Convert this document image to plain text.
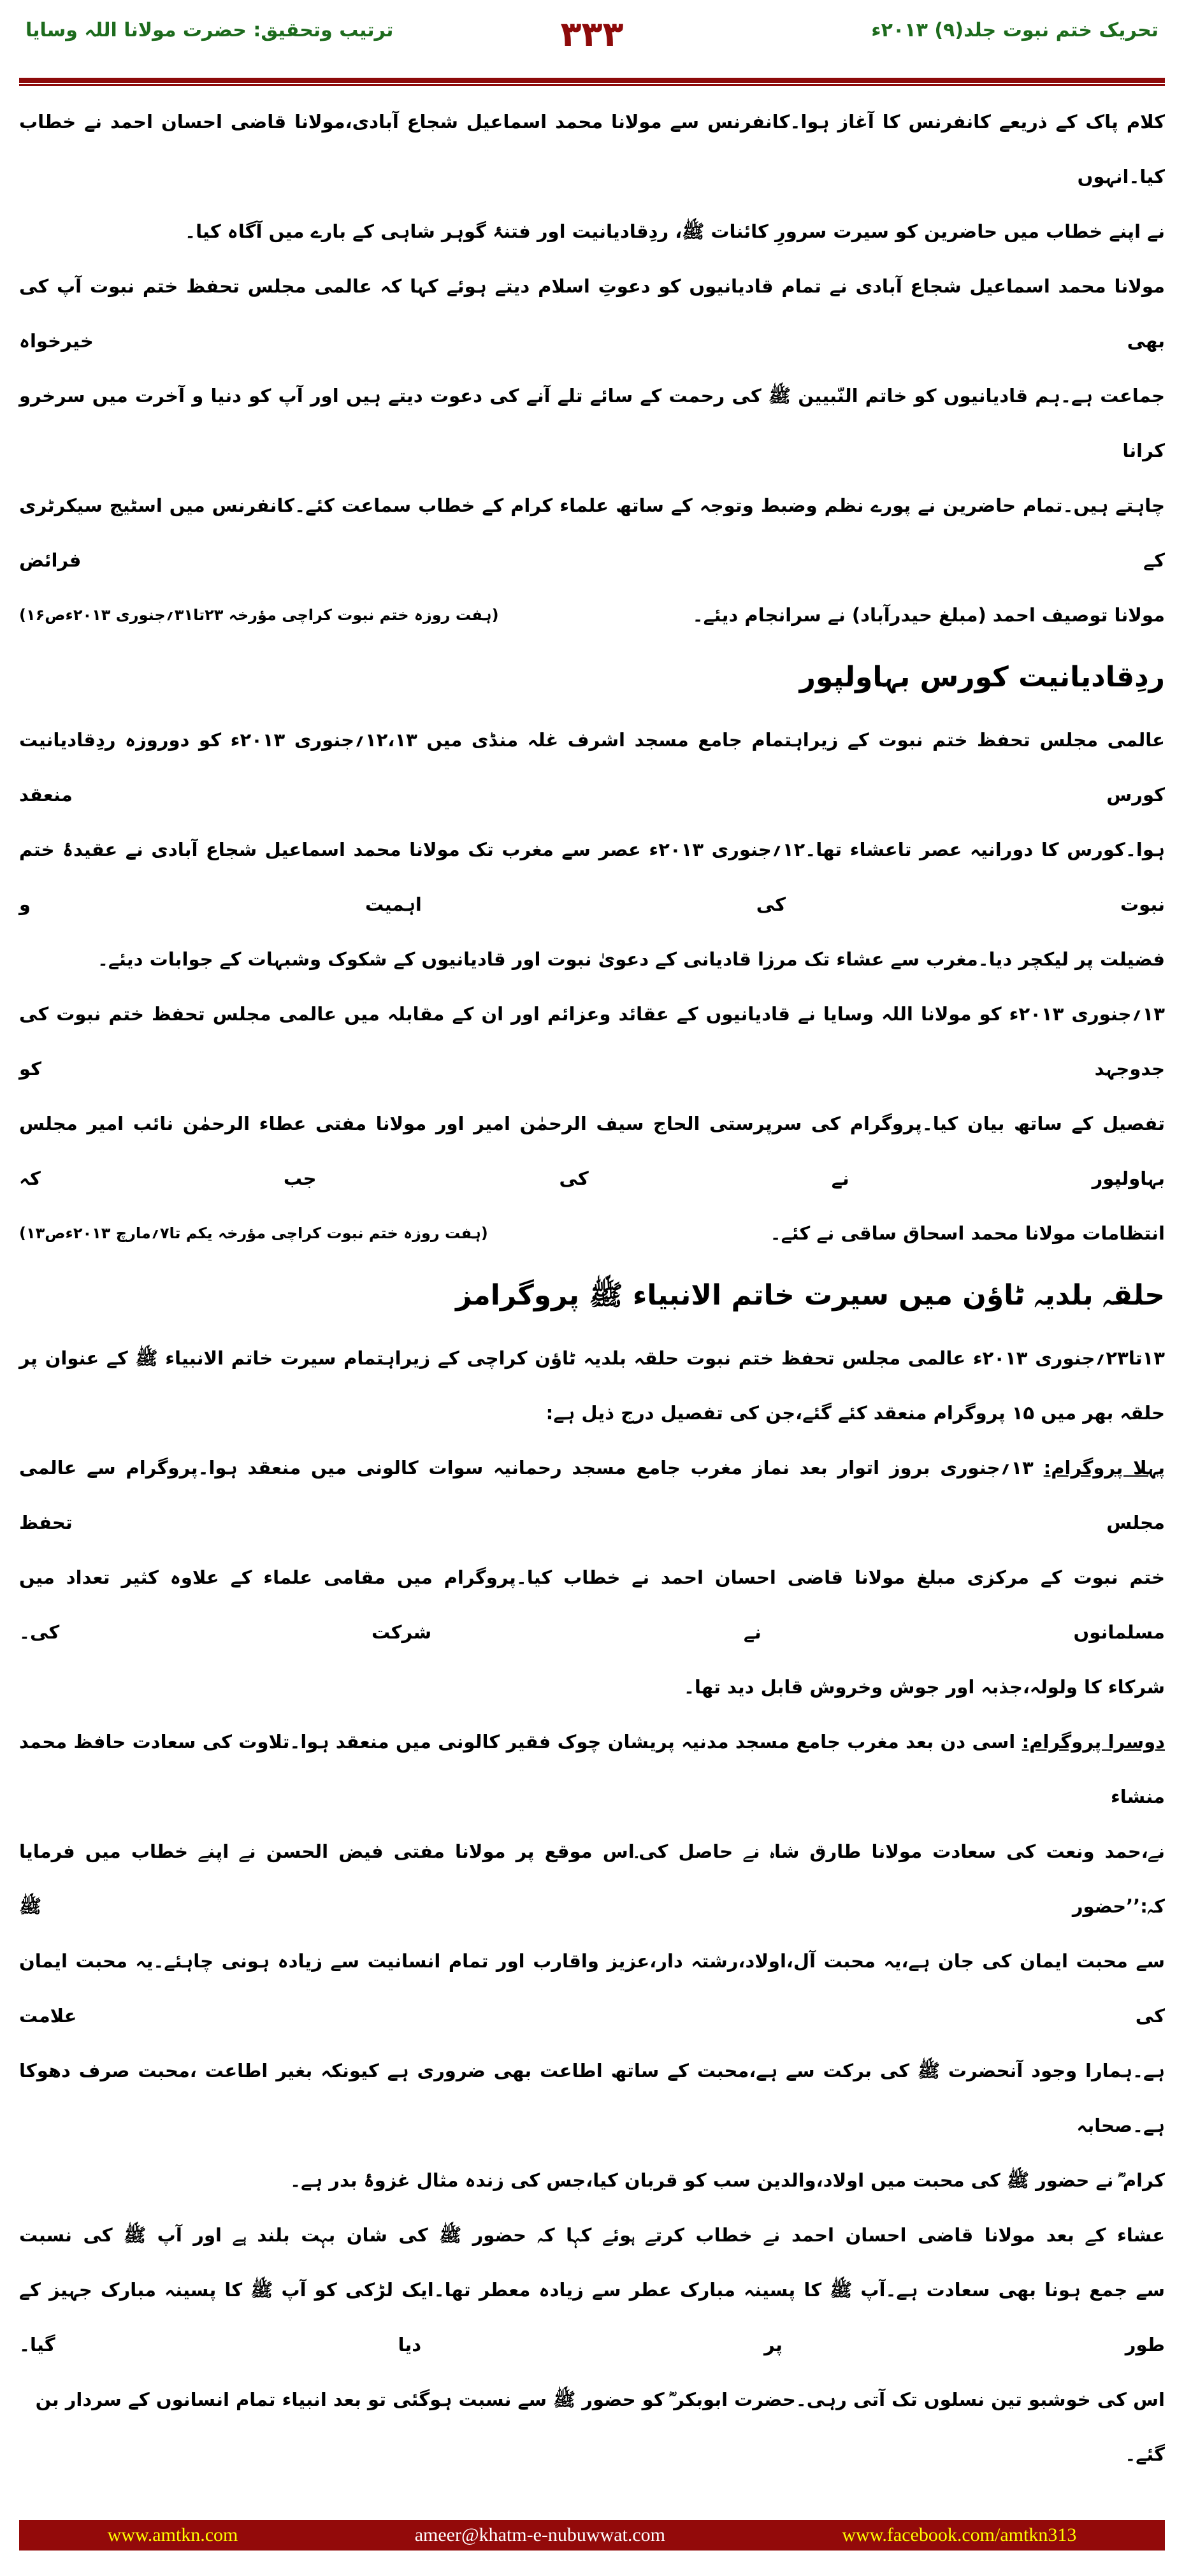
ترتیب وتحقیق: حضرت مولانا اللہ وسایا	۳۳۳	تحریک ختم نبوت جلد(۹) ۲۰۱۳ء
کلام پاک کے ذریعے کانفرنس کا آغاز ہوا۔کانفرنس سے مولانا محمد اسماعیل شجاع آبادی،مولانا قاضی احسان احمد نے خطاب کیا۔انہوں
نے اپنے خطاب میں حاضرین کو سیرت سرورِ کائنات ﷺ، ردِقادیانیت اور فتنۂ گوہر شاہی کے بارے میں آگاہ کیا۔
مولانا محمد اسماعیل شجاع آبادی نے تمام قادیانیوں کو دعوتِ اسلام دیتے ہوئے کہا کہ عالمی مجلس تحفظ ختم نبوت آپ کی بھی خیرخواہ
جماعت ہے۔ہم قادیانیوں کو خاتم النّبیین ﷺ کی رحمت کے سائے تلے آنے کی دعوت دیتے ہیں اور آپ کو دنیا و آخرت میں سرخرو کرانا
چاہتے ہیں۔تمام حاضرین نے پورے نظم وضبط وتوجہ کے ساتھ علماء کرام کے خطاب سماعت کئے۔کانفرنس میں اسٹیج سیکرٹری کے فرائض
مولانا توصیف احمد (مبلغ حیدرآباد) نے سرانجام دیئے۔
(ہفت روزہ ختم نبوت کراچی مؤرخہ ۲۳تا۳۱؍جنوری ۲۰۱۳ءص۱۶)
ردِقادیانیت کورس بہاولپور
عالمی مجلس تحفظ ختم نبوت کے زیراہتمام جامع مسجد اشرف غلہ منڈی میں ۱۲،۱۳؍جنوری ۲۰۱۳ء کو دوروزہ ردِقادیانیت کورس منعقد
ہوا۔کورس کا دورانیہ عصر تاعشاء تھا۔۱۲؍جنوری ۲۰۱۳ء عصر سے مغرب تک مولانا محمد اسماعیل شجاع آبادی نے عقیدۂ ختم نبوت کی اہمیت و
فضیلت پر لیکچر دیا۔مغرب سے عشاء تک مرزا قادیانی کے دعویٰ نبوت اور قادیانیوں کے شکوک وشبہات کے جوابات دیئے۔
۱۳؍جنوری ۲۰۱۳ء کو مولانا اللہ وسایا نے قادیانیوں کے عقائد وعزائم اور ان کے مقابلہ میں عالمی مجلس تحفظ ختم نبوت کی جدوجہد کو
تفصیل کے ساتھ بیان کیا۔پروگرام کی سرپرستی الحاج سیف الرحمٰن امیر اور مولانا مفتی عطاء الرحمٰن نائب امیر مجلس بہاولپور نے کی جب کہ
انتظامات مولانا محمد اسحاق ساقی نے کئے۔
(ہفت روزہ ختم نبوت کراچی مؤرخہ یکم تا۷؍مارچ ۲۰۱۳ءص۱۳)
حلقہ بلدیہ ٹاؤن میں سیرت خاتم الانبیاء ﷺ پروگرامز
۱۳تا۲۳؍جنوری ۲۰۱۳ء عالمی مجلس تحفظ ختم نبوت حلقہ بلدیہ ٹاؤن کراچی کے زیراہتمام سیرت خاتم الانبیاء ﷺ کے عنوان پر
حلقہ بھر میں ۱۵ پروگرام منعقد کئے گئے،جن کی تفصیل درج ذیل ہے:
پہلا پروگرام: ۱۳؍جنوری بروز اتوار بعد نماز مغرب جامع مسجد رحمانیہ سوات کالونی میں منعقد ہوا۔پروگرام سے عالمی مجلس تحفظ
ختم نبوت کے مرکزی مبلغ مولانا قاضی احسان احمد نے خطاب کیا۔پروگرام میں مقامی علماء کے علاوہ کثیر تعداد میں مسلمانوں نے شرکت کی۔
شرکاء کا ولولہ،جذبہ اور جوش وخروش قابل دید تھا۔
دوسرا پروگرام: اسی دن بعد مغرب جامع مسجد مدنیہ پریشان چوک فقیر کالونی میں منعقد ہوا۔تلاوت کی سعادت حافظ محمد منشاء
نے،حمد ونعت کی سعادت مولانا طارق شاہ نے حاصل کی۔اس موقع پر مولانا مفتی فیض الحسن نے اپنے خطاب میں فرمایا کہ:’’حضور ﷺ
سے محبت ایمان کی جان ہے،یہ محبت آل،اولاد،رشتہ دار،عزیز واقارب اور تمام انسانیت سے زیادہ ہونی چاہئے۔یہ محبت ایمان کی علامت
ہے۔ہمارا وجود آنحضرت ﷺ کی برکت سے ہے،محبت کے ساتھ اطاعت بھی ضروری ہے کیونکہ بغیر اطاعت ،محبت صرف دھوکا ہے۔صحابہ
کرام ؓ نے حضور ﷺ کی محبت میں اولاد،والدین سب کو قربان کیا،جس کی زندہ مثال غزوۂ بدر ہے۔
عشاء کے بعد مولانا قاضی احسان احمد نے خطاب کرتے ہوئے کہا کہ حضور ﷺ کی شان بہت بلند ہے اور آپ ﷺ کی نسبت
سے جمع ہونا بھی سعادت ہے۔آپ ﷺ کا پسینہ مبارک عطر سے زیادہ معطر تھا۔ایک لڑکی کو آپ ﷺ کا پسینہ مبارک جہیز کے طور پر دیا گیا۔
اس کی خوشبو تین نسلوں تک آتی رہی۔حضرت ابوبکر ؓ کو حضور ﷺ سے نسبت ہوگئی تو بعد انبیاء تمام انسانوں کے سردار بن گئے۔
www.amtkn.com	ameer@khatm-e-nubuwwat.com	www.facebook.com/amtkn313
